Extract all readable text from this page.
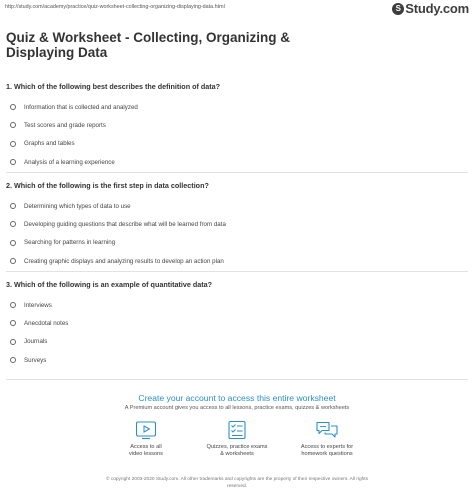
http://study.com/academy/practice/quiz-worksheet-collecting-organizing-displaying-data.html	S Study.com
Quiz & Worksheet - Collecting, Organizing & Displaying Data
1. Which of the following best describes the definition of data?
Information that is collected and analyzed
Test scores and grade reports
Graphs and tables
Analysis of a learning experience
2. Which of the following is the first step in data collection?
Determining which types of data to use
Developing guiding questions that describe what will be learned from data
Searching for patterns in learning
Creating graphic displays and analyzing results to develop an action plan
3. Which of the following is an example of quantitative data?
Interviews
Anecdotal notes
Journals
Surveys
Create your account to access this entire worksheet
A Premium account gives you access to all lessons, practice exams, quizzes & worksheets
Access to all
video lessons
Quizzes, practice exams
& worksheets
Access to experts for
homework questions
© copyright 2003-2020 Study.com. All other trademarks and copyrights are the property of their respective owners. All rights
reserved.
